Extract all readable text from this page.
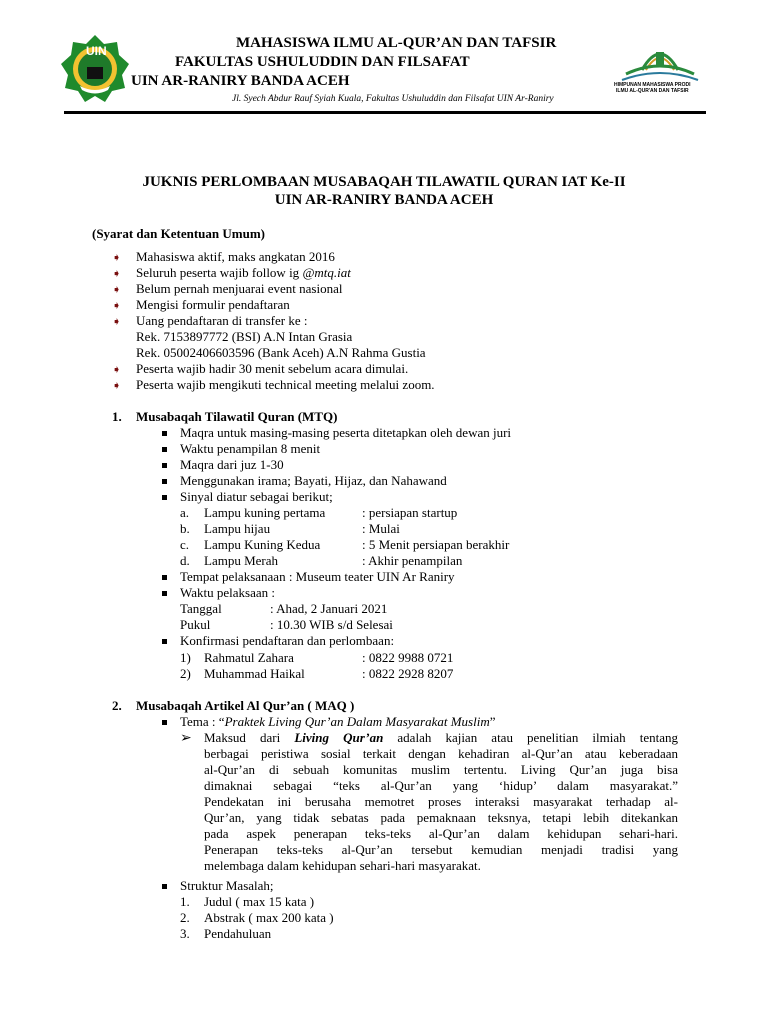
UIN	MAHASISWA ILMU AL-QUR’AN DAN TAFSIR
FAKULTAS USHULUDDIN DAN FILSAFAT
UIN AR-RANIRY BANDA ACEH
Jl. Syech Abdur Rauf Syiah Kuala, Fakultas Ushuluddin dan Filsafat UIN Ar-Raniry
HIMPUNAN MAHASISWA PRODI
ILMU AL-QUR'AN DAN TAFSIR
JUKNIS PERLOMBAAN MUSABAQAH TILAWATIL QURAN IAT Ke-II
UIN AR-RANIRY BANDA ACEH
(Syarat dan Ketentuan Umum)
➧ Mahasiswa aktif, maks angkatan 2016
➧ Seluruh peserta wajib follow ig @mtq.iat
➧ Belum pernah menjuarai event nasional
➧ Mengisi formulir pendaftaran
➧ Uang pendaftaran di transfer ke :
Rek. 7153897772 (BSI) A.N Intan Grasia
Rek. 05002406603596 (Bank Aceh) A.N Rahma Gustia
➧ Peserta wajib hadir 30 menit sebelum acara dimulai.
➧ Peserta wajib mengikuti technical meeting melalui zoom.
1. Musabaqah Tilawatil Quran (MTQ)
Maqra untuk masing-masing peserta ditetapkan oleh dewan juri
Waktu penampilan 8 menit
Maqra dari juz 1-30
Menggunakan irama; Bayati, Hijaz, dan Nahawand
Sinyal diatur sebagai berikut;
a. Lampu kuning pertama	: persiapan startup
b. Lampu hijau	: Mulai
c. Lampu Kuning Kedua	: 5 Menit persiapan berakhir
d. Lampu Merah	: Akhir penampilan
Tempat pelaksanaan : Museum teater UIN Ar Raniry
Waktu pelaksaan :
Tanggal	: Ahad, 2 Januari 2021
Pukul	: 10.30 WIB s/d Selesai
Konfirmasi pendaftaran dan perlombaan:
1) Rahmatul Zahara	: 0822 9988 0721
2) Muhammad Haikal	: 0822 2928 8207
2. Musabaqah Artikel Al Qur’an ( MAQ )
Tema : “Praktek Living Qur’an Dalam Masyarakat Muslim”
➢ Maksud dari Living Qur’an adalah kajian atau penelitian ilmiah tentang
berbagai peristiwa sosial terkait dengan kehadiran al-Qur’an atau keberadaan
al-Qur’an di sebuah komunitas muslim tertentu. Living Qur’an juga bisa
dimaknai sebagai “teks al-Qur’an yang ‘hidup’ dalam masyarakat.”
Pendekatan ini berusaha memotret proses interaksi masyarakat terhadap al-
Qur’an, yang tidak sebatas pada pemaknaan teksnya, tetapi lebih ditekankan
pada aspek penerapan teks-teks al-Qur’an dalam kehidupan sehari-hari.
Penerapan teks-teks al-Qur’an tersebut kemudian menjadi tradisi yang
melembaga dalam kehidupan sehari-hari masyarakat.
Struktur Masalah;
1. Judul ( max 15 kata )
2. Abstrak ( max 200 kata )
3. Pendahuluan
